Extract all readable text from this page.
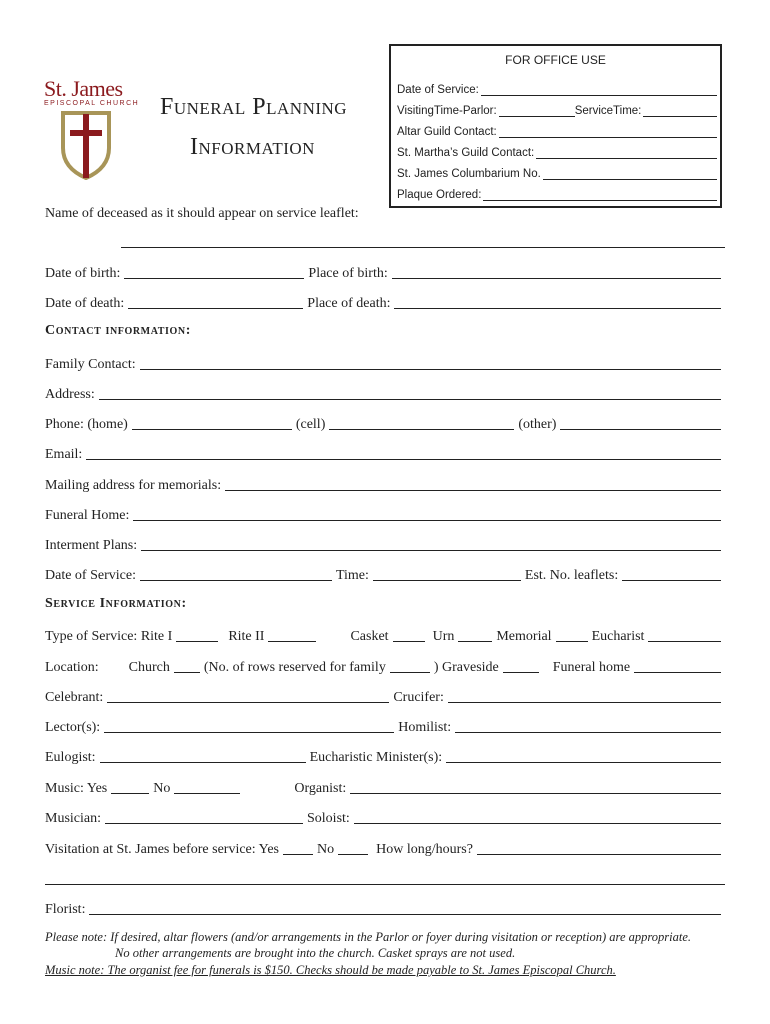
St. James
EPISCOPAL CHURCH Funeral Planning
Information
FOR OFFICE USE
Date of Service:
VisitingTime-Parlor:	ServiceTime:
Altar Guild Contact:
St. Martha’s Guild Contact:
St. James Columbarium No.
Plaque Ordered:
Name of deceased as it should appear on service leaflet:
Date of birth:	Place of birth:
Date of death:	Place of death:
Contact information:
Family Contact:
Address:
Phone: (home)	(cell)	(other)
Email:
Mailing address for memorials:
Funeral Home:
Interment Plans:
Date of Service:	Time:	Est. No. leaflets:
Service Information:
Type of Service: Rite I	Rite II	Casket	Urn	Memorial	Eucharist
Location: Church (No. of rows reserved for family	) Graveside	Funeral home
Celebrant:	Crucifer:
Lector(s):	Homilist:
Eulogist:	Eucharistic Minister(s):
Music: Yes	No	Organist:
Musician:	Soloist:
Visitation at St. James before service: Yes	No	How long/hours?
Florist:
Please note: If desired, altar flowers (and/or arrangements in the Parlor or foyer during visitation or reception) are appropriate.
No other arrangements are brought into the church. Casket sprays are not used.
Music note: The organist fee for funerals is $150. Checks should be made payable to St. James Episcopal Church.
